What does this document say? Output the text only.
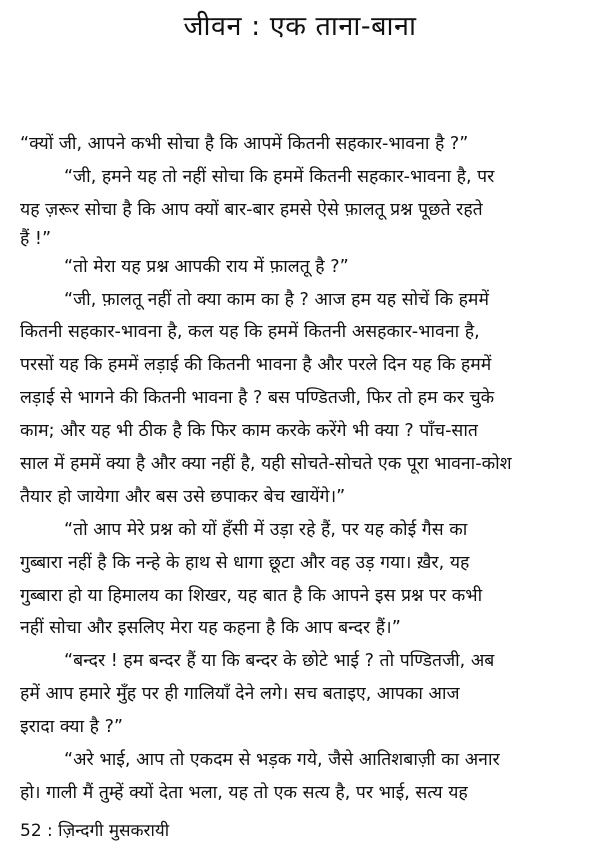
जीवन : एक ताना-बाना
“क्यों जी, आपने कभी सोचा है कि आपमें कितनी सहकार-भावना है ?”
“जी, हमने यह तो नहीं सोचा कि हममें कितनी सहकार-भावना है, पर
यह ज़रूर सोचा है कि आप क्यों बार-बार हमसे ऐसे फ़ालतू प्रश्न पूछते रहते
हैं !”
“तो मेरा यह प्रश्न आपकी राय में फ़ालतू है ?”
“जी, फ़ालतू नहीं तो क्या काम का है ? आज हम यह सोचें कि हममें
कितनी सहकार-भावना है, कल यह कि हममें कितनी असहकार-भावना है,
परसों यह कि हममें लड़ाई की कितनी भावना है और परले दिन यह कि हममें
लड़ाई से भागने की कितनी भावना है ? बस पण्डितजी, फिर तो हम कर चुके
काम; और यह भी ठीक है कि फिर काम करके करेंगे भी क्या ? पाँच-सात
साल में हममें क्या है और क्या नहीं है, यही सोचते-सोचते एक पूरा भावना-कोश
तैयार हो जायेगा और बस उसे छपाकर बेच खायेंगे।”
“तो आप मेरे प्रश्न को यों हँसी में उड़ा रहे हैं, पर यह कोई गैस का
गुब्बारा नहीं है कि नन्हे के हाथ से धागा छूटा और वह उड़ गया। ख़ैर, यह
गुब्बारा हो या हिमालय का शिखर, यह बात है कि आपने इस प्रश्न पर कभी
नहीं सोचा और इसलिए मेरा यह कहना है कि आप बन्दर हैं।”
“बन्दर ! हम बन्दर हैं या कि बन्दर के छोटे भाई ? तो पण्डितजी, अब
हमें आप हमारे मुँह पर ही गालियाँ देने लगे। सच बताइए, आपका आज
इरादा क्या है ?”
“अरे भाई, आप तो एकदम से भड़क गये, जैसे आतिशबाज़ी का अनार
हो। गाली मैं तुम्हें क्यों देता भला, यह तो एक सत्य है, पर भाई, सत्य यह
52 : ज़िन्दगी मुसकरायी
